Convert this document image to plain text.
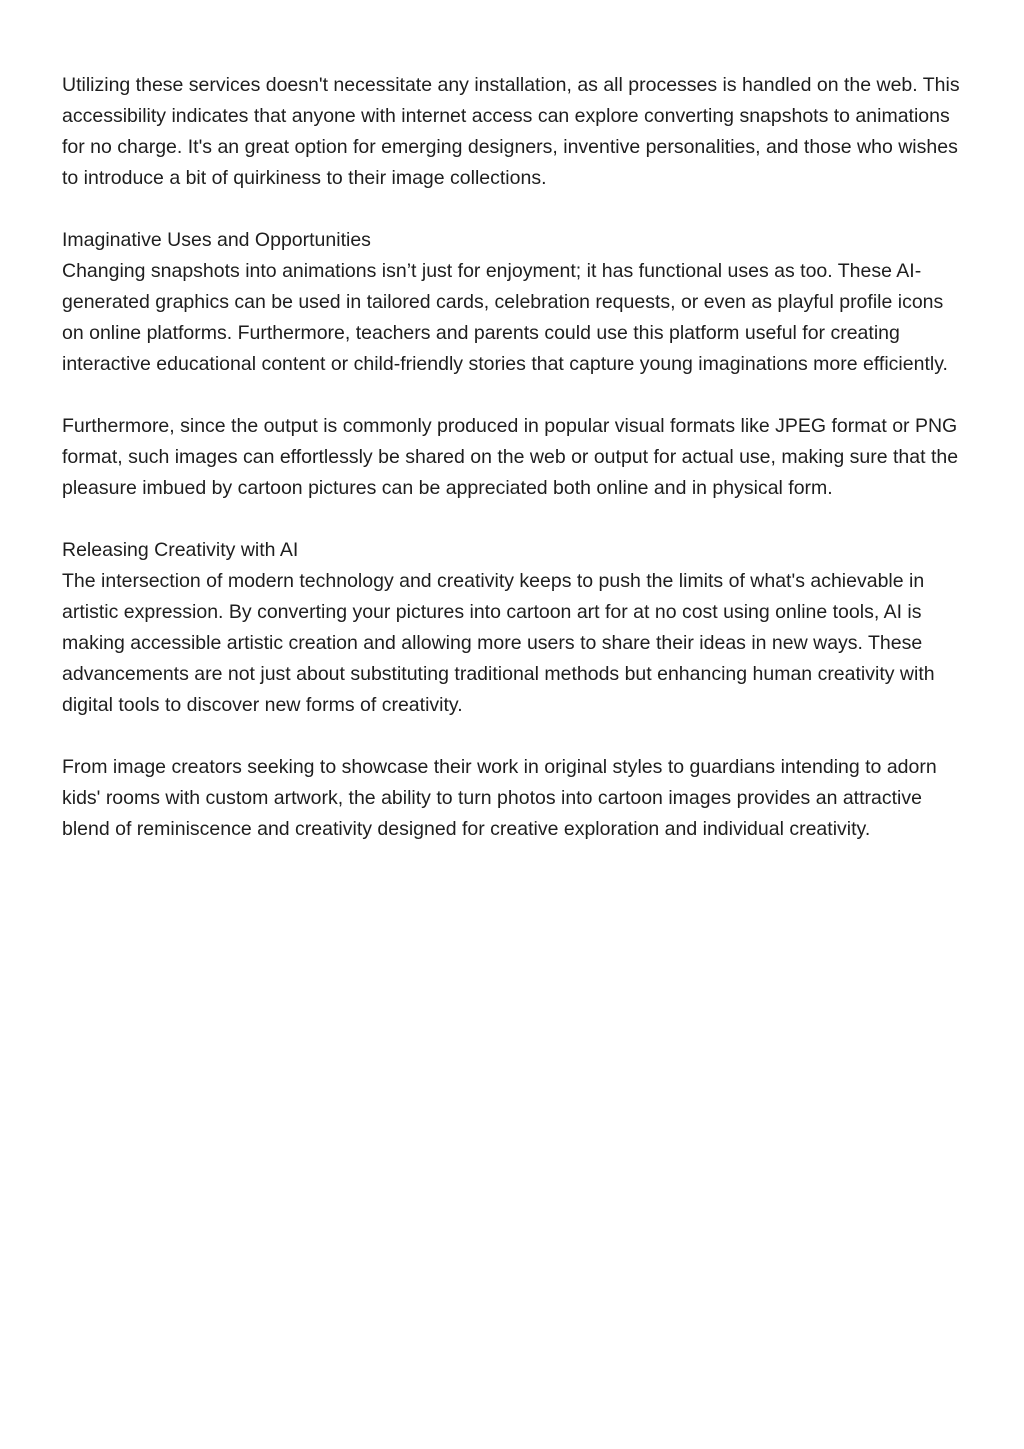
Utilizing these services doesn't necessitate any installation, as all processes is handled on the web. This accessibility indicates that anyone with internet access can explore converting snapshots to animations for no charge. It's an great option for emerging designers, inventive personalities, and those who wishes to introduce a bit of quirkiness to their image collections.

Imaginative Uses and Opportunities

Changing snapshots into animations isn’t just for enjoyment; it has functional uses as too. These AI-generated graphics can be used in tailored cards, celebration requests, or even as playful profile icons on online platforms. Furthermore, teachers and parents could use this platform useful for creating interactive educational content or child-friendly stories that capture young imaginations more efficiently.

Furthermore, since the output is commonly produced in popular visual formats like JPEG format or PNG format, such images can effortlessly be shared on the web or output for actual use, making sure that the pleasure imbued by cartoon pictures can be appreciated both online and in physical form.

Releasing Creativity with AI

The intersection of modern technology and creativity keeps to push the limits of what's achievable in artistic expression. By converting your pictures into cartoon art for at no cost using online tools, AI is making accessible artistic creation and allowing more users to share their ideas in new ways. These advancements are not just about substituting traditional methods but enhancing human creativity with digital tools to discover new forms of creativity.

From image creators seeking to showcase their work in original styles to guardians intending to adorn kids' rooms with custom artwork, the ability to turn photos into cartoon images provides an attractive blend of reminiscence and creativity designed for creative exploration and individual creativity.
